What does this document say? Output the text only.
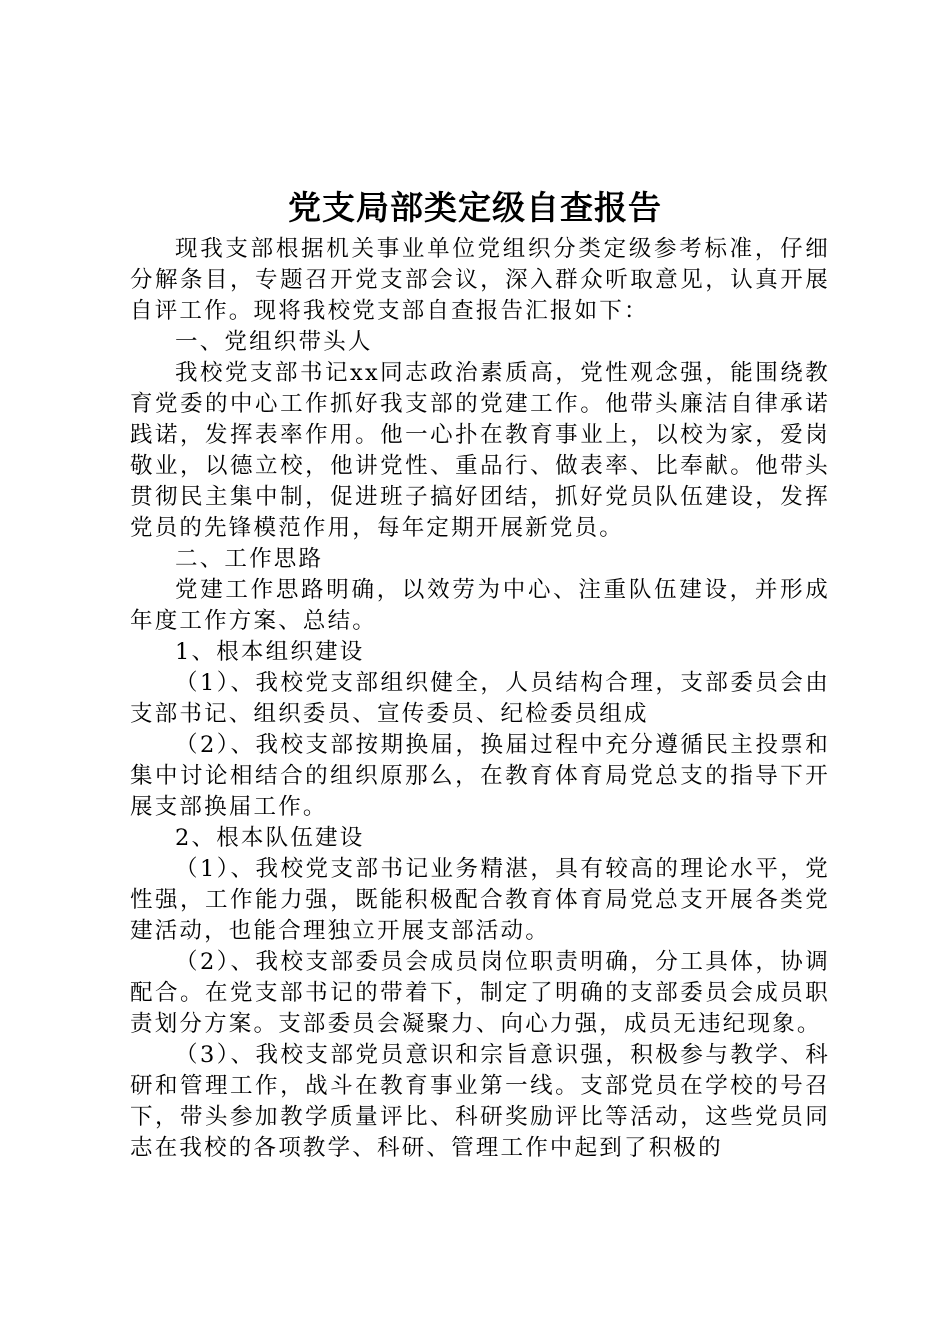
党支局部类定级自查报告

现我支部根据机关事业单位党组织分类定级参考标准，仔细分解条目，专题召开党支部会议，深入群众听取意见，认真开展自评工作。现将我校党支部自查报告汇报如下：

一、党组织带头人

我校党支部书记xx同志政治素质高，党性观念强，能围绕教育党委的中心工作抓好我支部的党建工作。他带头廉洁自律承诺践诺，发挥表率作用。他一心扑在教育事业上，以校为家，爱岗敬业，以德立校，他讲党性、重品行、做表率、比奉献。他带头贯彻民主集中制，促进班子搞好团结，抓好党员队伍建设，发挥党员的先锋模范作用，每年定期开展新党员。

二、工作思路

党建工作思路明确，以效劳为中心、注重队伍建设，并形成年度工作方案、总结。

1、根本组织建设

（1）、我校党支部组织健全，人员结构合理，支部委员会由支部书记、组织委员、宣传委员、纪检委员组成

（2）、我校支部按期换届，换届过程中充分遵循民主投票和集中讨论相结合的组织原那么，在教育体育局党总支的指导下开展支部换届工作。

2、根本队伍建设

（1）、我校党支部书记业务精湛，具有较高的理论水平，党性强，工作能力强，既能积极配合教育体育局党总支开展各类党建活动，也能合理独立开展支部活动。

（2）、我校支部委员会成员岗位职责明确，分工具体，协调配合。在党支部书记的带着下，制定了明确的支部委员会成员职责划分方案。支部委员会凝聚力、向心力强，成员无违纪现象。

（3）、我校支部党员意识和宗旨意识强，积极参与教学、科研和管理工作，战斗在教育事业第一线。支部党员在学校的号召下，带头参加教学质量评比、科研奖励评比等活动，这些党员同志在我校的各项教学、科研、管理工作中起到了积极的
